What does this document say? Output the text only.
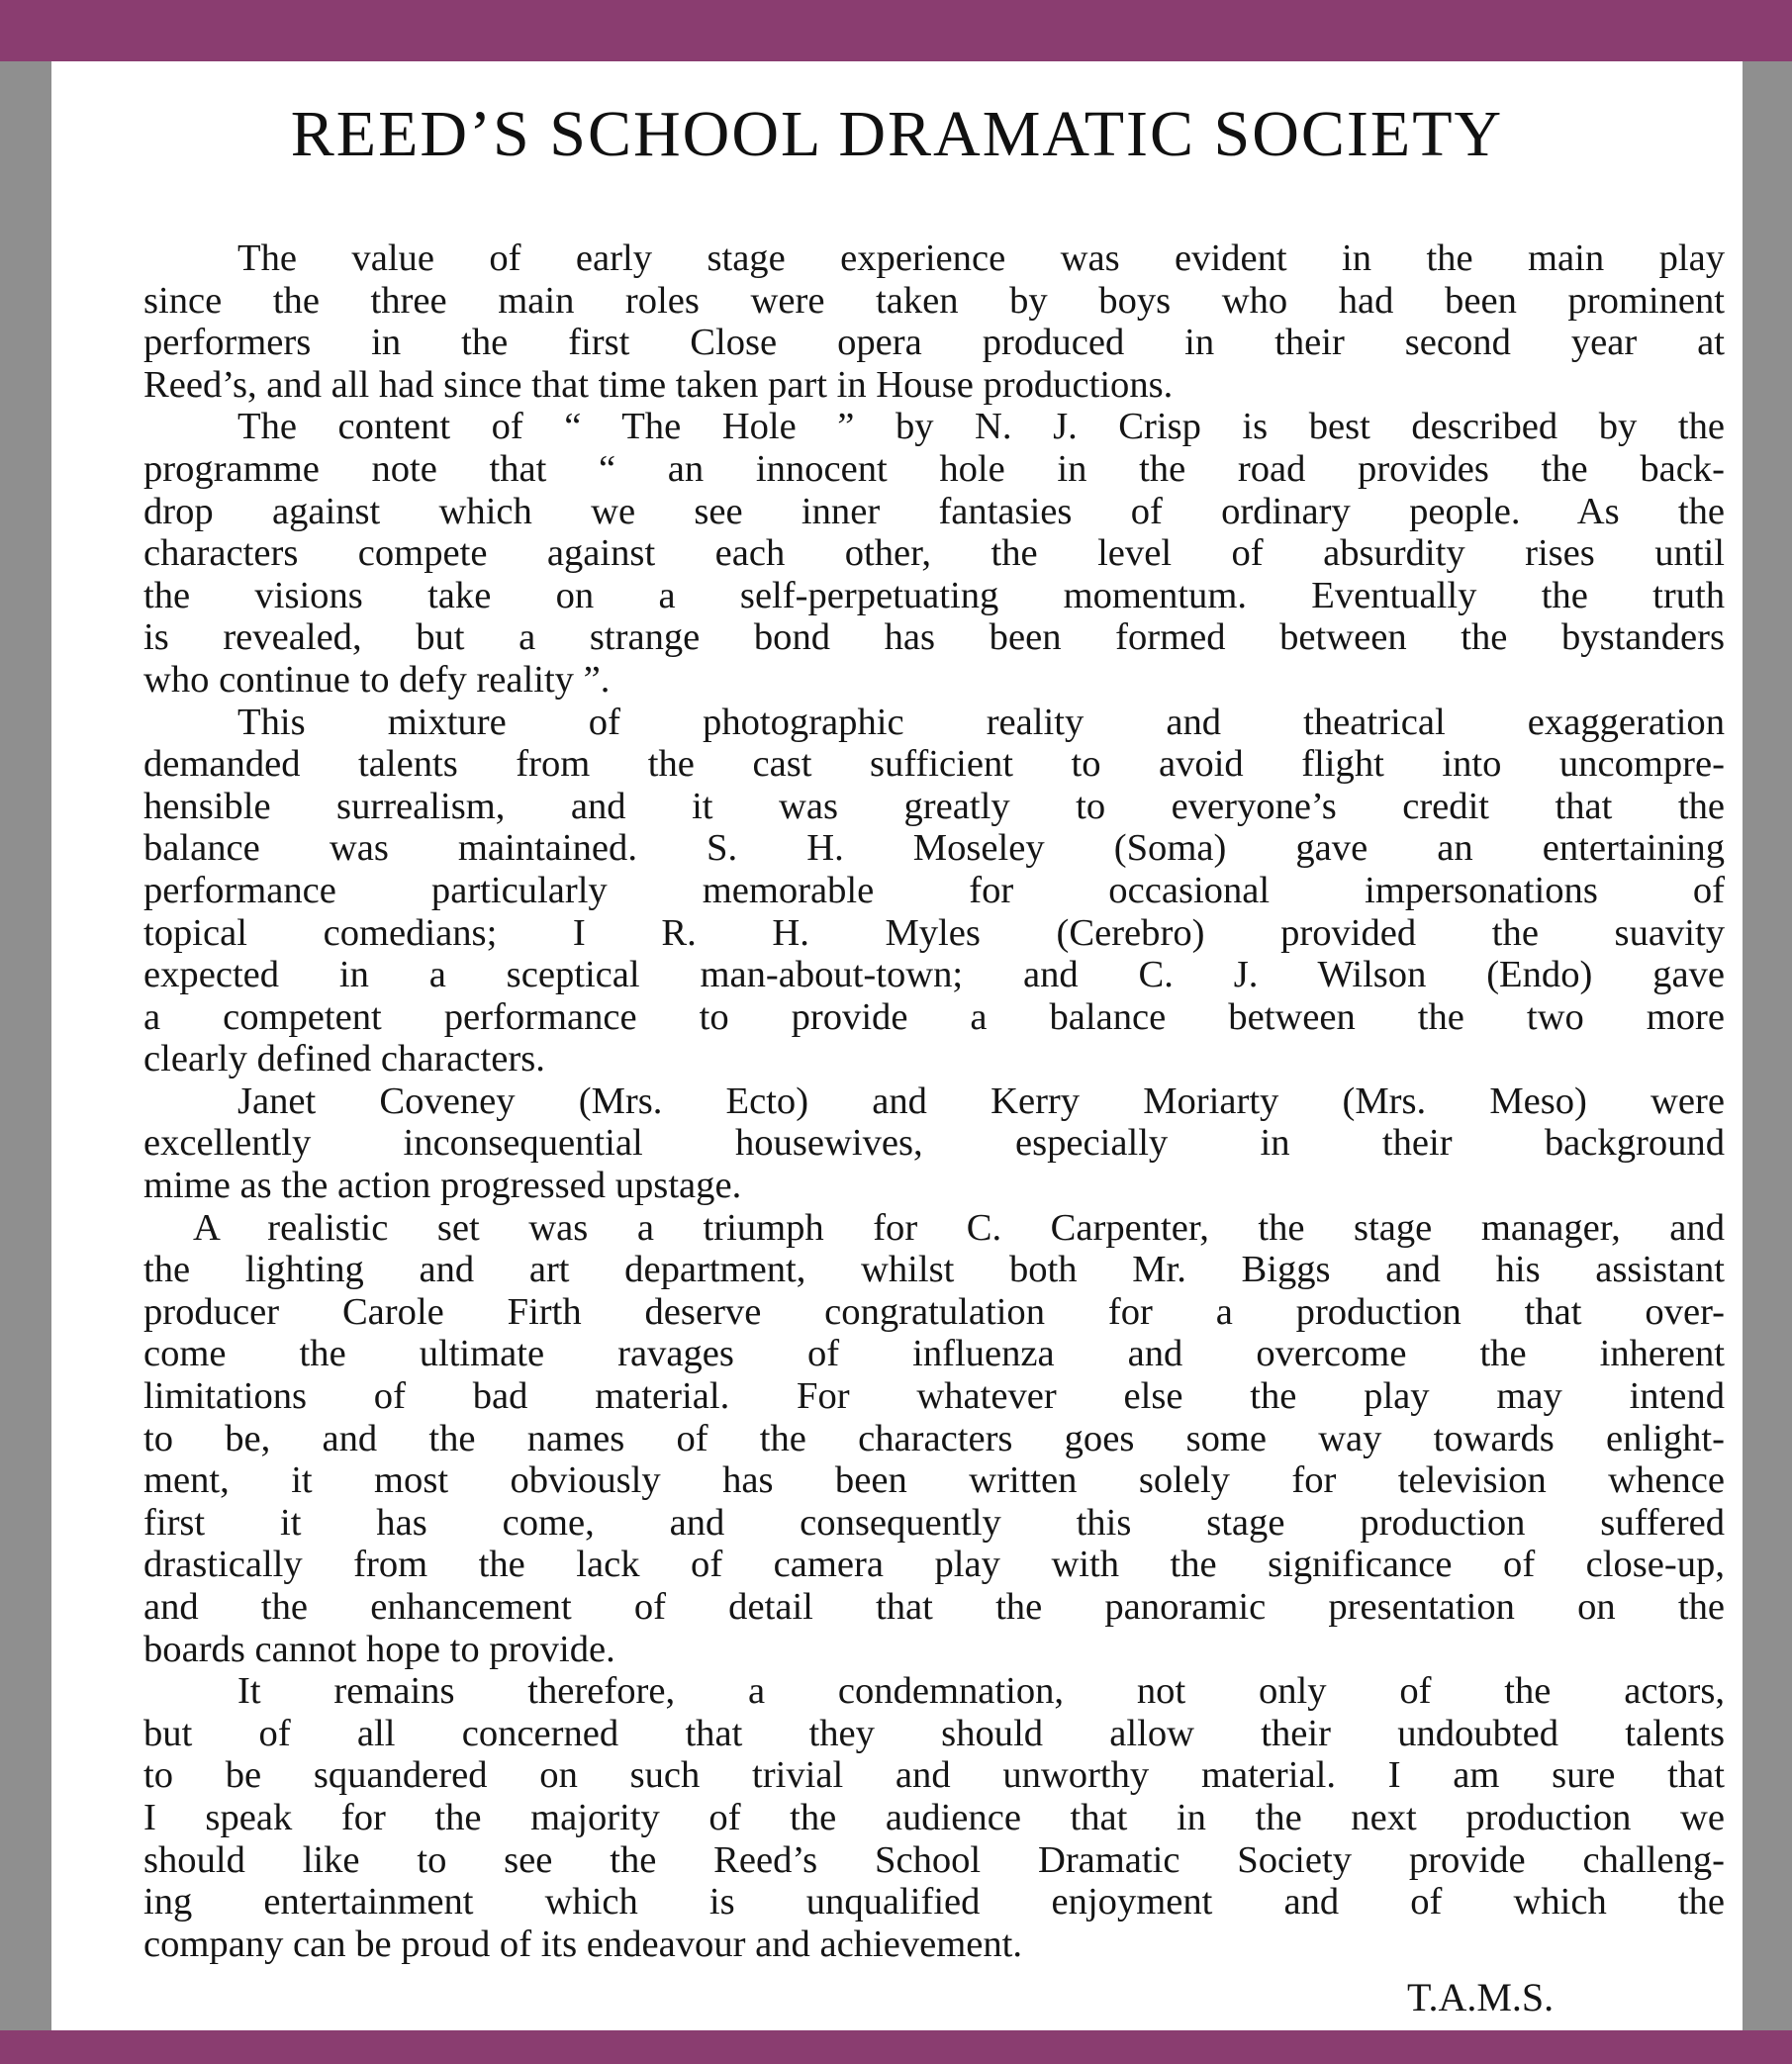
REED’S SCHOOL DRAMATIC SOCIETY
The value of early stage experience was evident in the main play
since the three main roles were taken by boys who had been prominent
performers in the first Close opera produced in their second year at
Reed’s, and all had since that time taken part in House productions.
The content of “ The Hole ” by N. J. Crisp is best described by the
programme note that “ an innocent hole in the road provides the back-
drop against which we see inner fantasies of ordinary people. As the
characters compete against each other, the level of absurdity rises until
the visions take on a self-perpetuating momentum. Eventually the truth
is revealed, but a strange bond has been formed between the bystanders
who continue to defy reality ”.
This mixture of photographic reality and theatrical exaggeration
demanded talents from the cast sufficient to avoid flight into uncompre-
hensible surrealism, and it was greatly to everyone’s credit that the
balance was maintained. S. H. Moseley (Soma) gave an entertaining
performance particularly memorable for occasional impersonations of
topical comedians; I R. H. Myles (Cerebro) provided the suavity
expected in a sceptical man-about-town; and C. J. Wilson (Endo) gave
a competent performance to provide a balance between the two more
clearly defined characters.
Janet Coveney (Mrs. Ecto) and Kerry Moriarty (Mrs. Meso) were
excellently inconsequential housewives, especially in their background
mime as the action progressed upstage.
A realistic set was a triumph for C. Carpenter, the stage manager, and
the lighting and art department, whilst both Mr. Biggs and his assistant
producer Carole Firth deserve congratulation for a production that over-
come the ultimate ravages of influenza and overcome the inherent
limitations of bad material. For whatever else the play may intend
to be, and the names of the characters goes some way towards enlight-
ment, it most obviously has been written solely for television whence
first it has come, and consequently this stage production suffered
drastically from the lack of camera play with the significance of close-up,
and the enhancement of detail that the panoramic presentation on the
boards cannot hope to provide.
It remains therefore, a condemnation, not only of the actors,
but of all concerned that they should allow their undoubted talents
to be squandered on such trivial and unworthy material. I am sure that
I speak for the majority of the audience that in the next production we
should like to see the Reed’s School Dramatic Society provide challeng-
ing entertainment which is unqualified enjoyment and of which the
company can be proud of its endeavour and achievement.
T.A.M.S.
